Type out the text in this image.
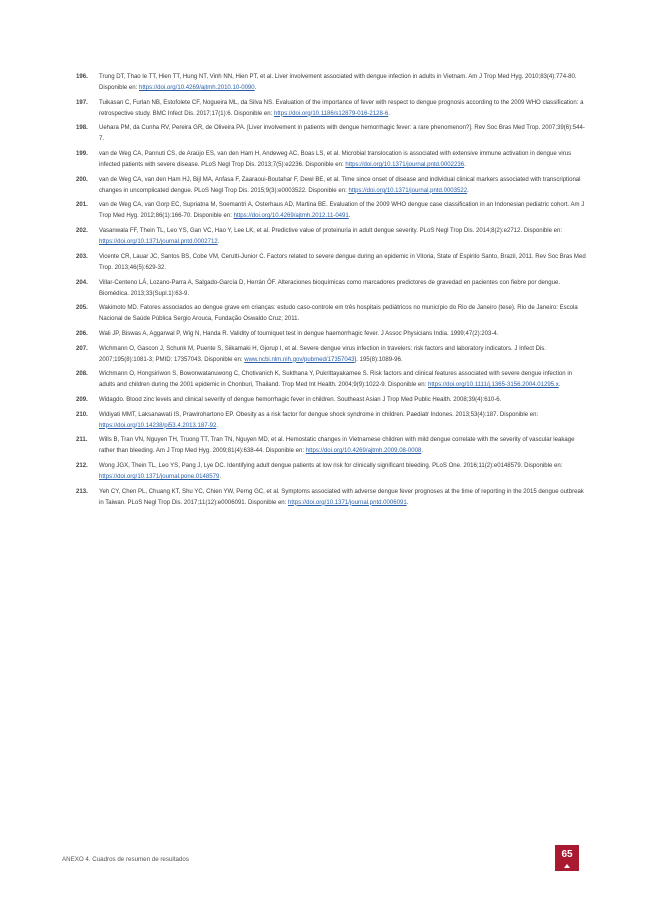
196.	Trung DT, Thao le TT, Hien TT, Hung NT, Vinh NN, Hien PT, et al. Liver involvement associated with dengue infection in adults in Vietnam. Am J Trop Med Hyg. 2010;83(4):774-80. Disponible en: https://doi.org/10.4269/ajtmh.2010.10-0090.
197.	Tuikasan C, Furlan NB, Estofolete CF, Nogueira ML, da Silva NS. Evaluation of the importance of fever with respect to dengue prognosis according to the 2009 WHO classification: a retrospective study. BMC Infect Dis. 2017;17(1):6. Disponible en: https://doi.org/10.1186/s12879-016-2128-6.
198.	Uehara PM, da Cunha RV, Pereira GR, de Oliveira PA. [Liver involvement in patients with dengue hemorrhagic fever: a rare phenomenon?]. Rev Soc Bras Med Trop. 2007;39(6):544-7.
199.	van de Weg CA, Pannuti CS, de Araújo ES, van den Ham H, Andeweg AC, Boas LS, et al. Microbial translocation is associated with extensive immune activation in dengue virus infected patients with severe disease. PLoS Negl Trop Dis. 2013;7(5):e2236. Disponible en: https://doi.org/10.1371/journal.pntd.0002236.
200.	van de Weg CA, van den Ham HJ, Bijl MA, Anfasa F, Zaaraoui-Boutahar F, Dewi BE, et al. Time since onset of disease and individual clinical markers associated with transcriptional changes in uncomplicated dengue. PLoS Negl Trop Dis. 2015;9(3):e0003522. Disponible en: https://doi.org/10.1371/journal.pntd.0003522.
201.	van de Weg CA, van Gorp EC, Supriatna M, Soemantri A, Osterhaus AD, Martina BE. Evaluation of the 2009 WHO dengue case classification in an Indonesian pediatric cohort. Am J Trop Med Hyg. 2012;86(1):166-70. Disponible en: https://doi.org/10.4269/ajtmh.2012.11-0491.
202.	Vasanwala FF, Thein TL, Leo YS, Gan VC, Hao Y, Lee LK, et al. Predictive value of proteinuria in adult dengue severity. PLoS Negl Trop Dis. 2014;8(2):e2712. Disponible en: https://doi.org/10.1371/journal.pntd.0002712.
203.	Vicente CR, Lauar JC, Santos BS, Cobe VM, Cerutti-Junior C. Factors related to severe dengue during an epidemic in Vitoria, State of Espirito Santo, Brazil, 2011. Rev Soc Bras Med Trop. 2013;46(5):629-32.
204.	Villar-Centeno LÁ, Lozano-Parra A, Salgado-García D, Herrán ÓF. Alteraciones bioquímicas como marcadores predictores de gravedad en pacientes con fiebre por dengue. Biomédica. 2013;33(Supl.1):63-9.
205.	Wakimoto MD. Fatores associados ao dengue grave em crianças: estudo caso-controle em três hospitais pediátricos no município do Rio de Janeiro (tese). Rio de Janeiro: Escola Nacional de Saúde Pública Sergio Arouca, Fundação Oswaldo Cruz; 2011.
206.	Wali JP, Biswas A, Aggarwal P, Wig N, Handa R. Validity of tourniquet test in dengue haemorrhagic fever. J Assoc Physicians India. 1999;47(2):203-4.
207.	Wichmann O, Gascon J, Schunk M, Puente S, Siikamaki H, Gjorup I, et al. Severe dengue virus infection in travelers: risk factors and laboratory indicators. J Infect Dis. 2007;195(8):1081-3; PMID: 17357043. Disponible en: www.ncbi.nlm.nih.gov/pubmed/17357043]. 195(8):1089-96.
208.	Wichmann O, Hongsiriwon S, Bowonwatanuwong C, Chotivanich K, Sukthana Y, Pukrittayakamee S. Risk factors and clinical features associated with severe dengue infection in adults and children during the 2001 epidemic in Chonburi, Thailand. Trop Med Int Health. 2004;9(9):1022-9. Disponible en: https://doi.org/10.1111/j.1365-3156.2004.01295.x.
209.	Widagdo. Blood zinc levels and clinical severity of dengue hemorrhagic fever in children. Southeast Asian J Trop Med Public Health. 2008;39(4):610-6.
210.	Widiyati MMT, Laksanawati IS, Prawirohartono EP. Obesity as a risk factor for dengue shock syndrome in children. Paediatr Indones. 2013;53(4):187. Disponible en: https://doi.org/10.14238/pi53.4.2013.187-92.
211.	Wills B, Tran VN, Nguyen TH, Truong TT, Tran TN, Nguyen MD, et al. Hemostatic changes in Vietnamese children with mild dengue correlate with the severity of vascular leakage rather than bleeding. Am J Trop Med Hyg. 2009;81(4):638-44. Disponible en: https://doi.org/10.4269/ajtmh.2009.08-0008.
212.	Wong JGX, Thein TL, Leo YS, Pang J, Lye DC. Identifying adult dengue patients at low risk for clinically significant bleeding. PLoS One. 2016;11(2):e0148579. Disponible en: https://doi.org/10.1371/journal.pone.0148579.
213.	Yeh CY, Chen PL, Chuang KT, Shu YC, Chien YW, Perng GC, et al. Symptoms associated with adverse dengue fever prognoses at the time of reporting in the 2015 dengue outbreak in Taiwan. PLoS Negl Trop Dis. 2017;11(12):e0006091. Disponible en: https://doi.org/10.1371/journal.pntd.0006091.
ANEXO 4. Cuadros de resumen de resultados	65
